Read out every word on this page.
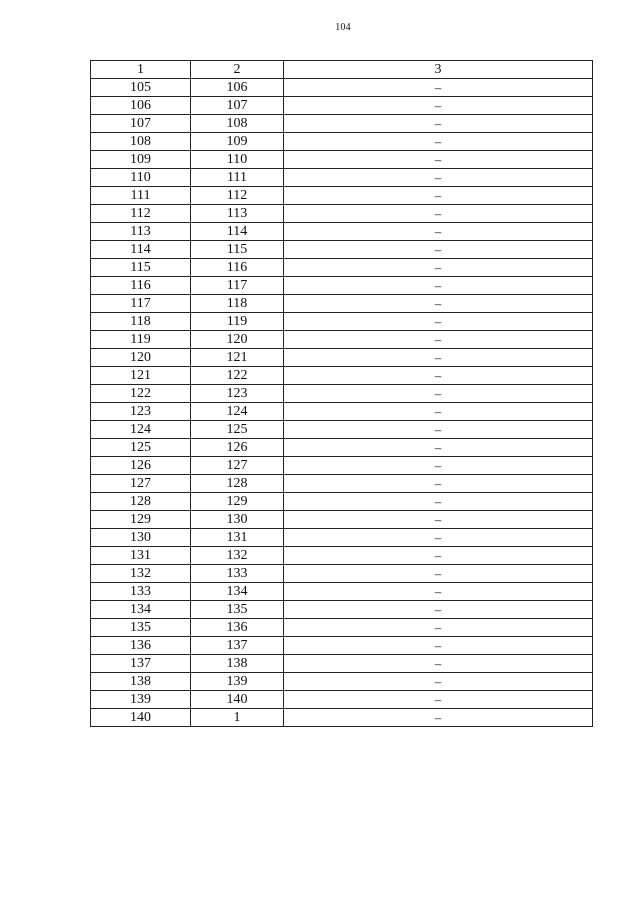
104
1	2	3
105	106	–
106	107	–
107	108	–
108	109	–
109	110	–
110	111	–
111	112	–
112	113	–
113	114	–
114	115	–
115	116	–
116	117	–
117	118	–
118	119	–
119	120	–
120	121	–
121	122	–
122	123	–
123	124	–
124	125	–
125	126	–
126	127	–
127	128	–
128	129	–
129	130	–
130	131	–
131	132	–
132	133	–
133	134	–
134	135	–
135	136	–
136	137	–
137	138	–
138	139	–
139	140	–
140	1	–
